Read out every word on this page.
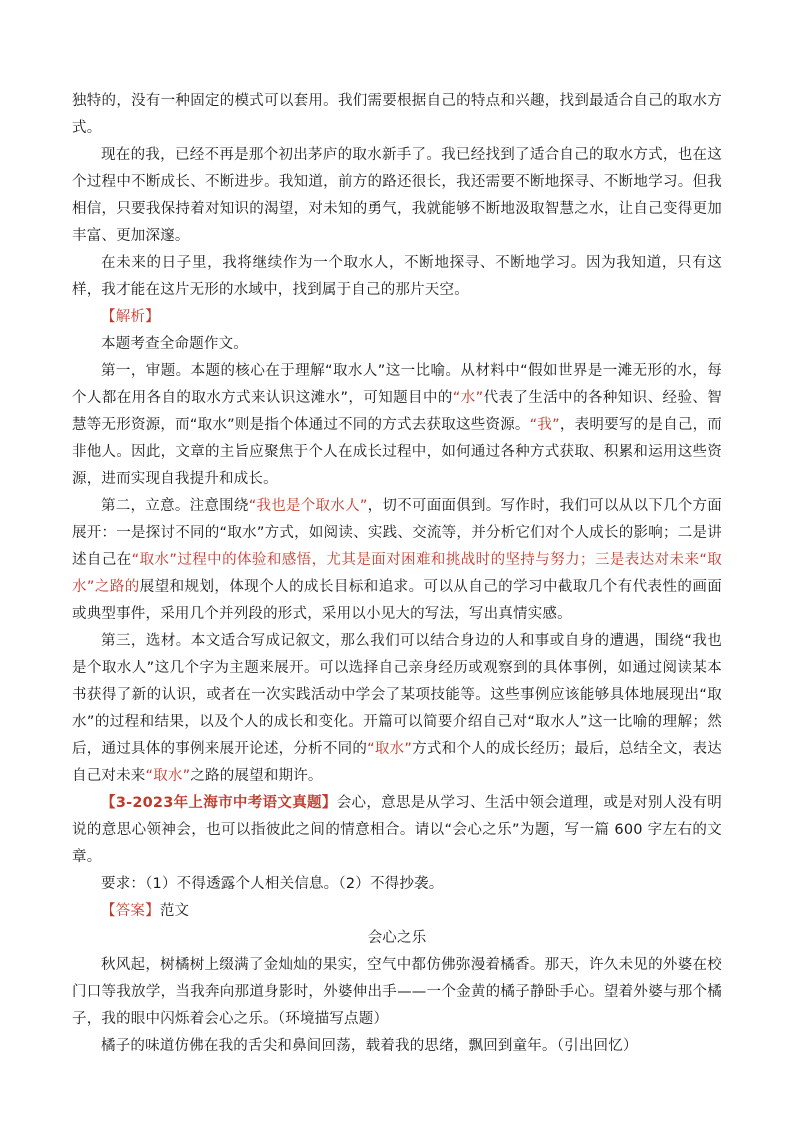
独特的，没有一种固定的模式可以套用。我们需要根据自己的特点和兴趣，找到最适合自己的取水方式。

现在的我，已经不再是那个初出茅庐的取水新手了。我已经找到了适合自己的取水方式，也在这个过程中不断成长、不断进步。我知道，前方的路还很长，我还需要不断地探寻、不断地学习。但我相信，只要我保持着对知识的渴望，对未知的勇气，我就能够不断地汲取智慧之水，让自己变得更加丰富、更加深邃。

在未来的日子里，我将继续作为一个取水人，不断地探寻、不断地学习。因为我知道，只有这样，我才能在这片无形的水域中，找到属于自己的那片天空。

【解析】

本题考查全命题作文。

第一，审题。本题的核心在于理解“取水人”这一比喻。从材料中“假如世界是一滩无形的水，每个人都在用各自的取水方式来认识这滩水”，可知题目中的“水”代表了生活中的各种知识、经验、智慧等无形资源，而“取水”则是指个体通过不同的方式去获取这些资源。“我”，表明要写的是自己，而非他人。因此，文章的主旨应聚焦于个人在成长过程中，如何通过各种方式获取、积累和运用这些资源，进而实现自我提升和成长。

第二，立意。注意围绕“我也是个取水人”，切不可面面俱到。写作时，我们可以从以下几个方面展开：一是探讨不同的“取水”方式，如阅读、实践、交流等，并分析它们对个人成长的影响；二是讲述自己在“取水”过程中的体验和感悟，尤其是面对困难和挑战时的坚持与努力；三是表达对未来“取水”之路的展望和规划，体现个人的成长目标和追求。可以从自己的学习中截取几个有代表性的画面或典型事件，采用几个并列段的形式，采用以小见大的写法，写出真情实感。

第三，选材。本文适合写成记叙文，那么我们可以结合身边的人和事或自身的遭遇，围绕“我也是个取水人”这几个字为主题来展开。可以选择自己亲身经历或观察到的具体事例，如通过阅读某本书获得了新的认识，或者在一次实践活动中学会了某项技能等。这些事例应该能够具体地展现出“取水”的过程和结果，以及个人的成长和变化。开篇可以简要介绍自己对“取水人”这一比喻的理解；然后，通过具体的事例来展开论述，分析不同的“取水”方式和个人的成长经历；最后，总结全文，表达自己对未来“取水”之路的展望和期许。

【3-2023年上海市中考语文真题】会心，意思是从学习、生活中领会道理，或是对别人没有明说的意思心领神会，也可以指彼此之间的情意相合。请以“会心之乐”为题，写一篇 600 字左右的文章。

要求：（1）不得透露个人相关信息。（2）不得抄袭。

【答案】范文

会心之乐

秋风起，树橘树上缀满了金灿灿的果实，空气中都仿佛弥漫着橘香。那天，许久未见的外婆在校门口等我放学，当我奔向那道身影时，外婆伸出手——一个金黄的橘子静卧手心。望着外婆与那个橘子，我的眼中闪烁着会心之乐。（环境描写点题）

橘子的味道仿佛在我的舌尖和鼻间回荡，载着我的思绪，飘回到童年。（引出回忆）
